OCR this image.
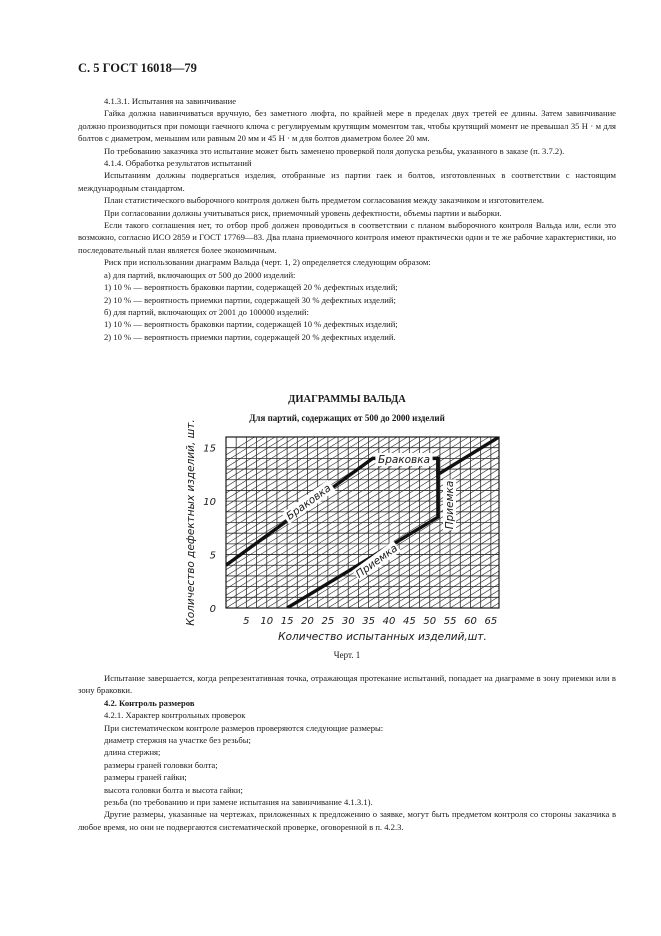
С. 5 ГОСТ 16018—79

4.1.3.1. Испытания на завинчивание

Гайка должна навинчиваться вручную, без заметного люфта, по крайней мере в пределах двух третей ее длины. Затем завинчивание должно производиться при помощи гаечного ключа с регулируемым крутящим моментом так, чтобы крутящий момент не превышал 35 Н · м для болтов с диаметром, меньшим или равным 20 мм и 45 Н · м для болтов диаметром более 20 мм.

По требованию заказчика это испытание может быть заменено проверкой поля допуска резьбы, указанного в заказе (п. 3.7.2).

4.1.4. Обработка результатов испытаний

Испытаниям должны подвергаться изделия, отобранные из партии гаек и болтов, изготовленных в соответствии с настоящим международным стандартом.

План статистического выборочного контроля должен быть предметом согласования между заказчиком и изготовителем.

При согласовании должны учитываться риск, приемочный уровень дефектности, объемы партии и выборки.

Если такого соглашения нет, то отбор проб должен проводиться в соответствии с планом выборочного контроля Вальда или, если это возможно, согласно ИСО 2859 и ГОСТ 17769—83. Два плана приемочного контроля имеют практически одни и те же рабочие характеристики, но последовательный план является более экономичным.

Риск при использовании диаграмм Вальда (черт. 1, 2) определяется следующим образом:

а) для партий, включающих от 500 до 2000 изделий:

1) 10 % — вероятность браковки партии, содержащей 20 % дефектных изделий;

2) 10 % — вероятность приемки партии, содержащей 30 % дефектных изделий;

б) для партий, включающих от 2001 до 100000 изделий:

1) 10 % — вероятность браковки партии, содержащей 10 % дефектных изделий;

2) 10 % — вероятность приемки партии, содержащей 20 % дефектных изделий.

ДИАГРАММЫ ВАЛЬДА
Для партий, содержащих от 500 до 2000 изделий
5 10 15 20 25 30 35 40 45 50 55 60 65
0
5
10
15
Количество испытанных изделий,шт.
Количество дефектных изделий, шт.	Браковка
Браковка
Приемка
Приемка
Черт. 1

Испытание завершается, когда репрезентативная точка, отражающая протекание испытаний, попадает на диаграмме в зону приемки или в зону браковки.

4.2. Контроль размеров

4.2.1. Характер контрольных проверок

При систематическом контроле размеров проверяются следующие размеры:

диаметр стержня на участке без резьбы;

длина стержня;

размеры граней головки болта;

размеры граней гайки;

высота головки болта и высота гайки;

резьба (по требованию и при замене испытания на завинчивание 4.1.3.1).

Другие размеры, указанные на чертежах, приложенных к предложению о заявке, могут быть предметом контроля со стороны заказчика в любое время, но они не подвергаются систематической проверке, оговоренной в п. 4.2.3.
